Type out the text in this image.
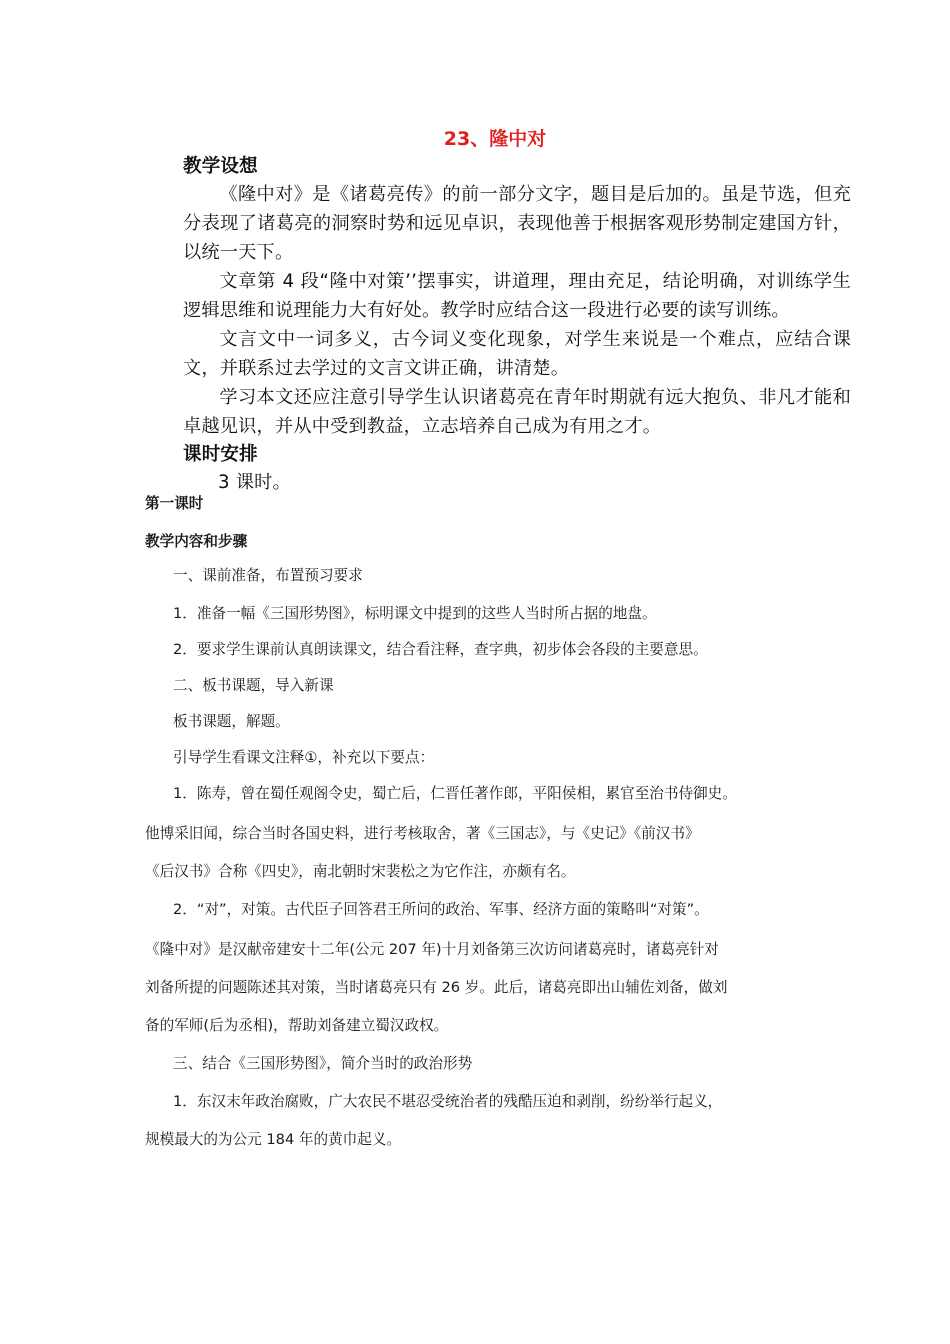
23、隆中对

教学设想

《隆中对》是《诸葛亮传》的前一部分文字，题目是后加的。虽是节选，但充分表现了诸葛亮的洞察时势和远见卓识，表现他善于根据客观形势制定建国方针，以统一天下。

文章第 4 段“隆中对策’’摆事实，讲道理，理由充足，结论明确，对训练学生逻辑思维和说理能力大有好处。教学时应结合这一段进行必要的读写训练。

文言文中一词多义，古今词义变化现象，对学生来说是一个难点，应结合课文，并联系过去学过的文言文讲正确，讲清楚。

学习本文还应注意引导学生认识诸葛亮在青年时期就有远大抱负、非凡才能和卓越见识，并从中受到教益，立志培养自己成为有用之才。

课时安排

3 课时。

第一课时

教学内容和步骤

一、课前准备，布置预习要求

1．准备一幅《三国形势图》，标明课文中提到的这些人当时所占据的地盘。

2．要求学生课前认真朗读课文，结合看注释，查字典，初步体会各段的主要意思。

二、板书课题，导入新课

板书课题，解题。

引导学生看课文注释①，补充以下要点：

1．陈寿，曾在蜀任观阁令史，蜀亡后，仁晋任著作郎，平阳侯相，累官至治书侍御史。

他博采旧闻，综合当时各国史料，进行考核取舍，著《三国志》，与《史记》《前汉书》

《后汉书》合称《四史》，南北朝时宋裴松之为它作注，亦颇有名。

2．“对”，对策。古代臣子回答君王所问的政治、军事、经济方面的策略叫“对策”。

《隆中对》是汉献帝建安十二年(公元 207 年)十月刘备第三次访问诸葛亮时，诸葛亮针对

刘备所提的问题陈述其对策，当时诸葛亮只有 26 岁。此后，诸葛亮即出山辅佐刘备，做刘

备的军师(后为丞相)，帮助刘备建立蜀汉政权。

三、结合《三国形势图》，简介当时的政治形势

1．东汉末年政治腐败，广大农民不堪忍受统治者的残酷压迫和剥削，纷纷举行起义，

规模最大的为公元 184 年的黄巾起义。
